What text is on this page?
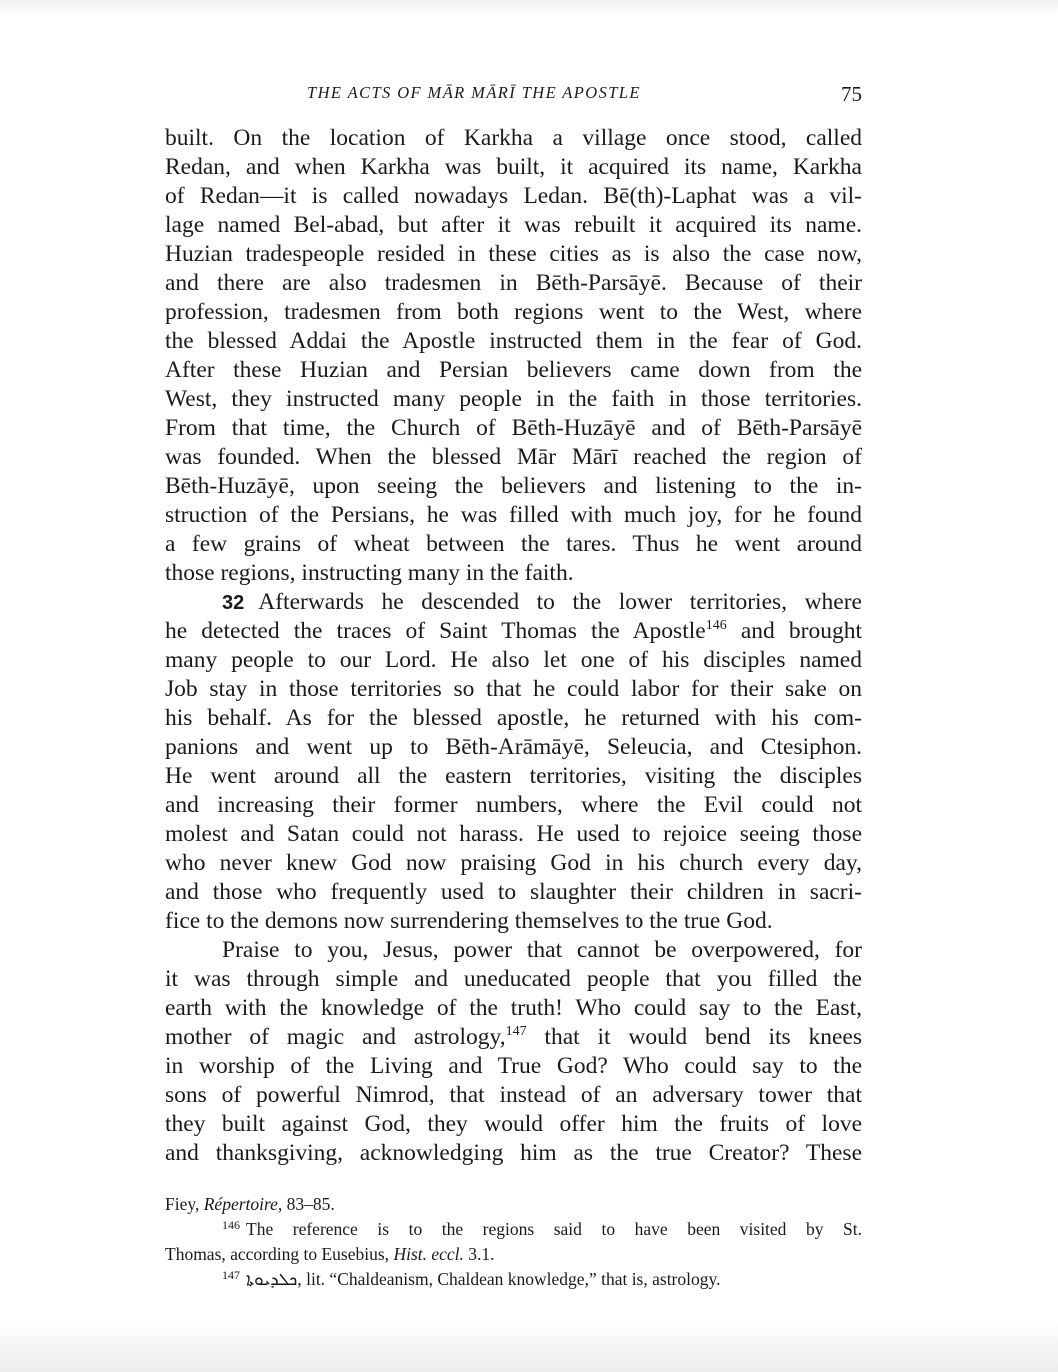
THE ACTS OF MĀR MĀRĪ THE APOSTLE	75
built. On the location of Karkha a village once stood, called
Redan, and when Karkha was built, it acquired its name, Karkha
of Redan—it is called nowadays Ledan. Bē(th)-Laphat was a vil-
lage named Bel-abad, but after it was rebuilt it acquired its name.
Huzian tradespeople resided in these cities as is also the case now,
and there are also tradesmen in Bēth-Parsāyē. Because of their
profession, tradesmen from both regions went to the West, where
the blessed Addai the Apostle instructed them in the fear of God.
After these Huzian and Persian believers came down from the
West, they instructed many people in the faith in those territories.
From that time, the Church of Bēth-Huzāyē and of Bēth-Parsāyē
was founded. When the blessed Mār Mārī reached the region of
Bēth-Huzāyē, upon seeing the believers and listening to the in-
struction of the Persians, he was filled with much joy, for he found
a few grains of wheat between the tares. Thus he went around
those regions, instructing many in the faith.
32 Afterwards he descended to the lower territories, where
he detected the traces of Saint Thomas the Apostle$^{146}$ and brought
many people to our Lord. He also let one of his disciples named
Job stay in those territories so that he could labor for their sake on
his behalf. As for the blessed apostle, he returned with his com-
panions and went up to Bēth-Arāmāyē, Seleucia, and Ctesiphon.
He went around all the eastern territories, visiting the disciples
and increasing their former numbers, where the Evil could not
molest and Satan could not harass. He used to rejoice seeing those
who never knew God now praising God in his church every day,
and those who frequently used to slaughter their children in sacri-
fice to the demons now surrendering themselves to the true God.
Praise to you, Jesus, power that cannot be overpowered, for
it was through simple and uneducated people that you filled the
earth with the knowledge of the truth! Who could say to the East,
mother of magic and astrology,$^{147}$ that it would bend its knees
in worship of the Living and True God? Who could say to the
sons of powerful Nimrod, that instead of an adversary tower that
they built against God, they would offer him the fruits of love
and thanksgiving, acknowledging him as the true Creator? These
Fiey, Répertoire, 83–85.
$^{146}$ The reference is to the regions said to have been visited by St.
Thomas, according to Eusebius, Hist. eccl. 3.1.
$^{147}$ ܟܠܕܝܘܬܐ, lit. “Chaldeanism, Chaldean knowledge,” that is, astrology.
